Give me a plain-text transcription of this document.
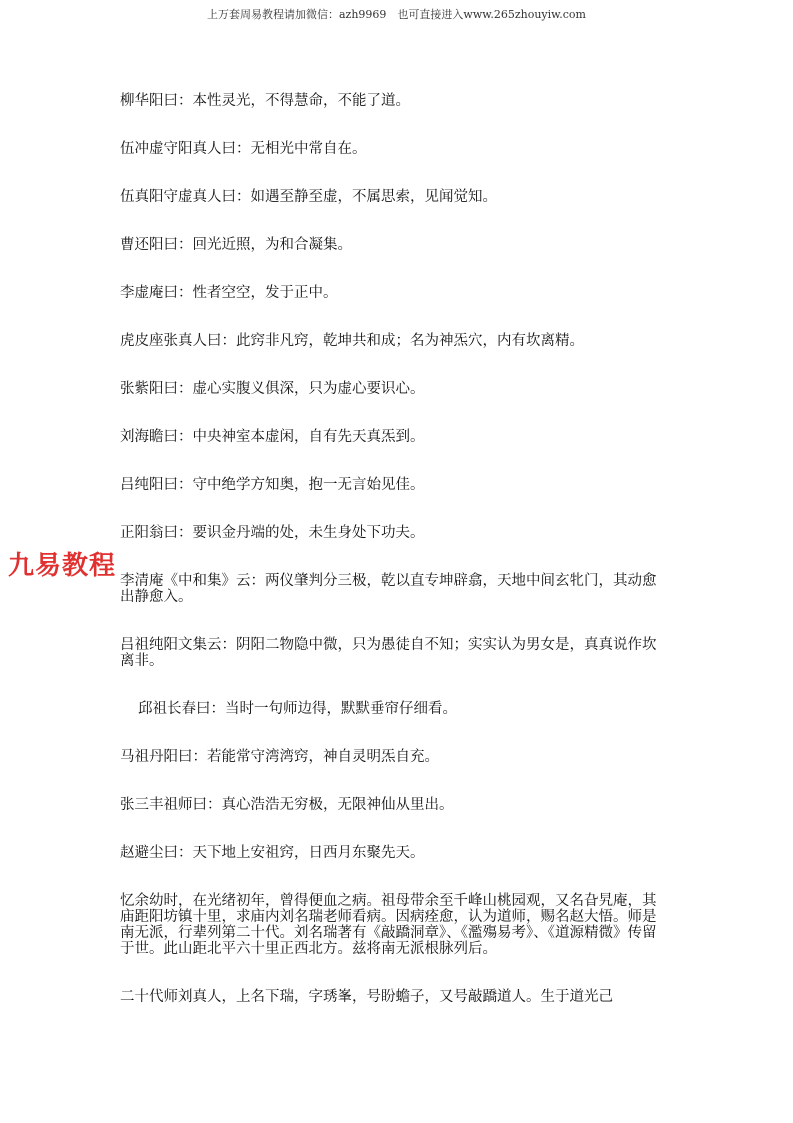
上万套周易教程请加微信：azh9969　也可直接进入www.265zhouyiw.com
九易教程

柳华阳曰：本性灵光，不得慧命，不能了道。

伍冲虚守阳真人曰：无相光中常自在。

伍真阳守虚真人曰：如遇至静至虚，不属思索，见闻觉知。

曹还阳曰：回光近照，为和合凝集。

李虚庵曰：性者空空，发于正中。

虎皮座张真人曰：此窍非凡窍，乾坤共和成；名为神炁穴，内有坎离精。

张紫阳曰：虚心实腹义俱深，只为虚心要识心。

刘海瞻曰：中央神室本虚闲，自有先天真炁到。

吕纯阳曰：守中绝学方知奥，抱一无言始见佳。

正阳翁曰：要识金丹端的处，未生身处下功夫。

李清庵《中和集》云：两仪肇判分三极，乾以直专坤辟翕，天地中间玄牝门，其动愈出静愈入。

吕祖纯阳文集云：阴阳二物隐中微，只为愚徒自不知；实实认为男女是，真真说作坎离非。

邱祖长春曰：当时一句师边得，默默垂帘仔细看。

马祖丹阳曰：若能常守湾湾窍，神自灵明炁自充。

张三丰祖师曰：真心浩浩无穷极，无限神仙从里出。

赵避尘曰：天下地上安祖窍，日西月东聚先天。

忆余幼时，在光绪初年，曾得便血之病。祖母带余至千峰山桃园观，又名旮旯庵，其庙距阳坊镇十里，求庙内刘名瑞老师看病。因病痊愈，认为道师，赐名赵大悟。师是南无派，行辈列第二十代。刘名瑞著有《敲蹻洞章》、《濫殤易考》、《道源精微》传留于世。此山距北平六十里正西北方。兹将南无派根脉列后。

二十代师刘真人，上名下瑞，字琇峯，号盼蟾子，又号敲蹻道人。生于道光己
